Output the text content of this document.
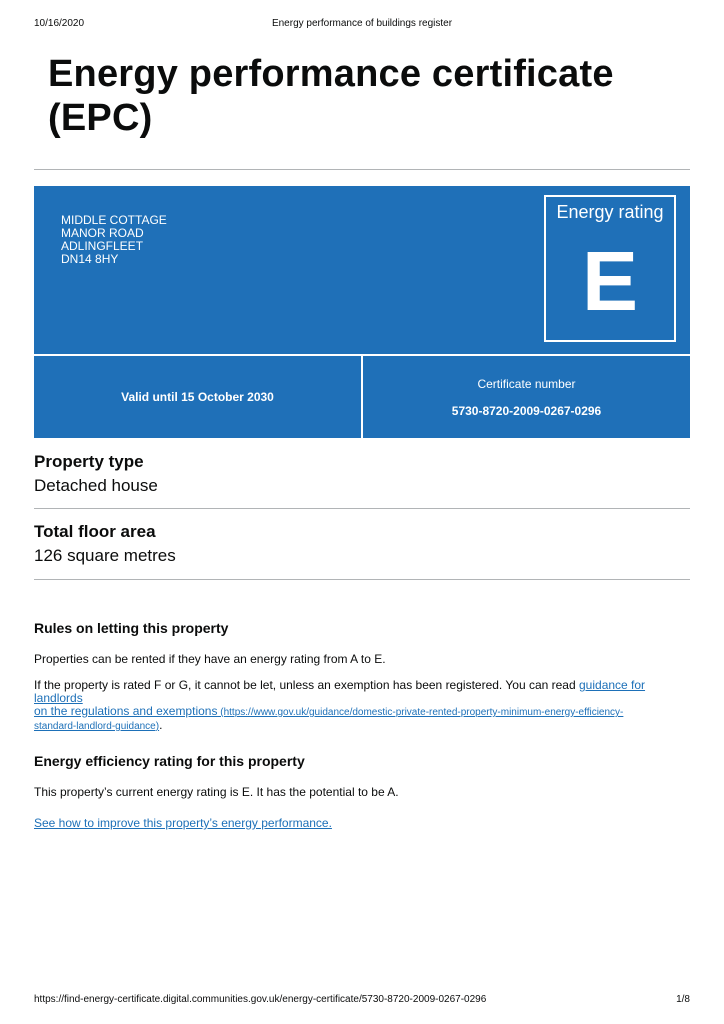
10/16/2020	Energy performance of buildings register
Energy performance certificate (EPC)
MIDDLE COTTAGE
MANOR ROAD
ADLINGFLEET
DN14 8HY
Energy rating
E
Valid until 15 October 2030
Certificate number
5730-8720-2009-0267-0296
Property type
Detached house
Total floor area
126 square metres
Rules on letting this property
Properties can be rented if they have an energy rating from A to E.
If the property is rated F or G, it cannot be let, unless an exemption has been registered. You can read guidance for landlords
on the regulations and exemptions (https://www.gov.uk/guidance/domestic-private-rented-property-minimum-energy-efficiency-
standard-landlord-guidance).
Energy efficiency rating for this property
This property’s current energy rating is E. It has the potential to be A.
See how to improve this property’s energy performance.
https://find-energy-certificate.digital.communities.gov.uk/energy-certificate/5730-8720-2009-0267-0296	1/8
